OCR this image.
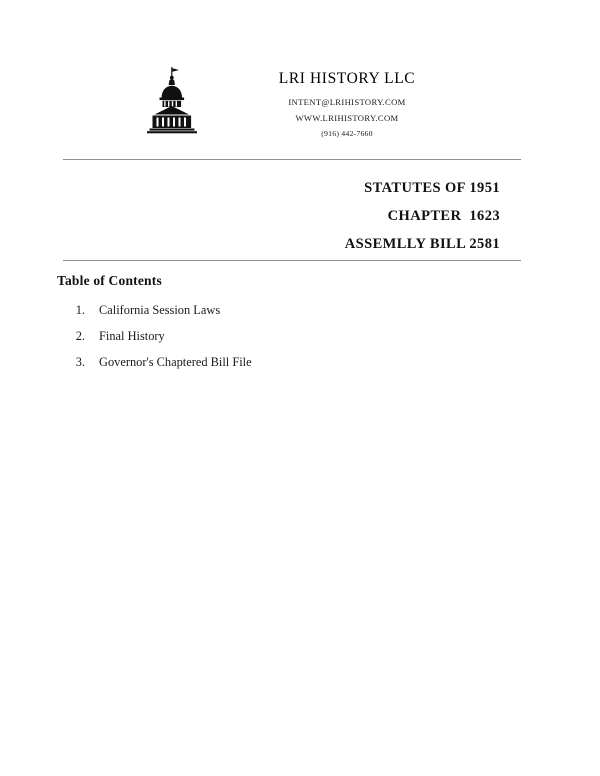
LRI HISTORY LLC
INTENT@LRIHISTORY.COM
WWW.LRIHISTORY.COM
(916) 442-7660
STATUTES OF 1951
CHAPTER  1623
ASSEMLLY BILL 2581
Table of Contents
1. California Session Laws
2. Final History
3. Governor's Chaptered Bill File
